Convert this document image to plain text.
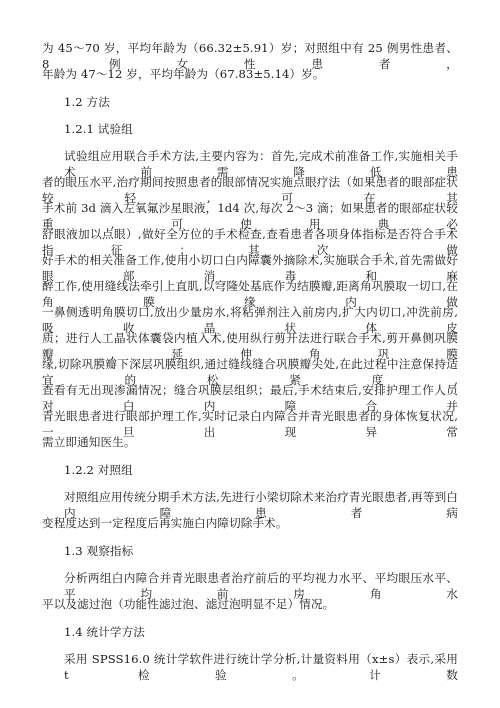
为 45～70 岁，平均年龄为（66.32±5.91）岁；对照组中有 25 例男性患者、8 例女性患者，
年龄为 47～12 岁，平均年龄为（67.83±5.14）岁。
1.2 方法
1.2.1 试验组
试验组应用联合手术方法,主要内容为：首先,完成术前准备工作,实施相关手术前需降低患
者的眼压水平,治疗期间按照患者的眼部情况实施点眼疗法（如果患者的眼部症状较轻,可在其
手术前 3d 滴入左氧氟沙星眼液，1d4 次,每次 2～3 滴；如果患者的眼部症状较重,可使用典必
舒眼液加以点眼）,做好全方位的手术检查,查看患者各项身体指标是否符合手术指征；其次,做
好手术的相关准备工作,使用小切口白内障囊外摘除术,实施联合手术,首先需做好眼部消毒和麻
醉工作,使用缝线法牵引上直肌,以穹隆处基底作为结膜瓣,距离角巩膜取一切口,在角膜缘内做
一鼻侧透明角膜切口,放出少量房水,将粘弹剂注入前房内,扩大内切口,冲洗前房,吸收晶状体皮
质；进行人工晶状体囊袋内植入术,使用纵行剪开法进行联合手术,剪开鼻侧巩膜瓣,延伸角巩膜
缘,切除巩膜瓣下深层巩膜组织,通过缝线缝合巩膜瓣尖处,在此过程中注意保持适宜的松紧度,
查看有无出现渗漏情况；缝合巩膜层组织；最后,手术结束后,安排护理工作人员对白内障合并
青光眼患者进行眼部护理工作,实时记录白内障合并青光眼患者的身体恢复状况,一旦出现异常
需立即通知医生。
1.2.2 对照组
对照组应用传统分期手术方法,先进行小梁切除术来治疗青光眼患者,再等到白内障患者病
变程度达到一定程度后再实施白内障切除手术。
1.3 观察指标
分析两组白内障合并青光眼患者治疗前后的平均视力水平、平均眼压水平、平均前房角水
平以及滤过泡（功能性滤过泡、滤过泡明显不足）情况。
1.4 统计学方法
采用 SPSS16.0 统计学软件进行统计学分析,计量资料用（x±s）表示,采用 t 检验。计数
